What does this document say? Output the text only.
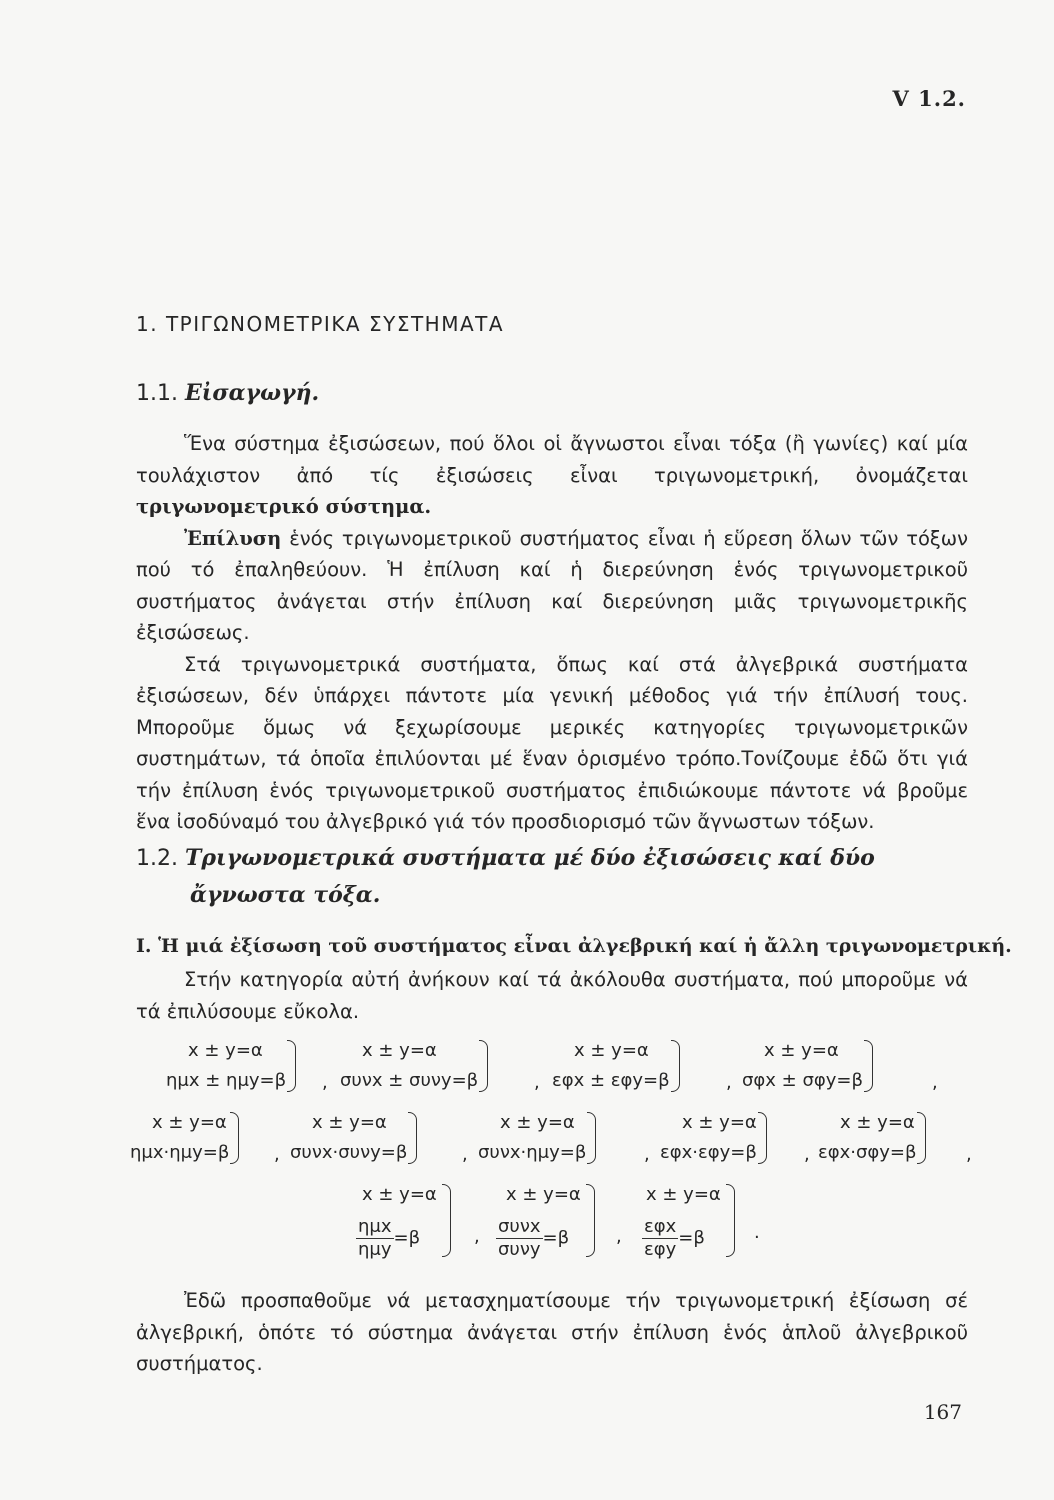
V 1.2.
1. ΤΡΙΓΩΝΟΜΕΤΡΙΚΑ ΣΥΣΤΗΜΑΤΑ
1.1. Εἰσαγωγή.

Ἕνα σύστημα ἐξισώσεων, πού ὅλοι οἱ ἄγνωστοι εἶναι τόξα (ἢ γωνίες) καί μία τουλάχιστον ἀπό τίς ἐξισώσεις εἶναι τριγωνομετρική, ὀνομάζεται τριγωνομετρικό σύστημα.

Ἐπίλυση ἑνός τριγωνομετρικοῦ συστήματος εἶναι ἡ εὕρεση ὅλων τῶν τόξων πού τό ἐπαληθεύουν. Ἡ ἐπίλυση καί ἡ διερεύνηση ἑνός τριγωνομετρικοῦ συστήματος ἀνάγεται στήν ἐπίλυση καί διερεύνηση μιᾶς τριγωνομετρικῆς ἐξισώσεως.

Στά τριγωνομετρικά συστήματα, ὅπως καί στά ἀλγεβρικά συστήματα ἐξισώσεων, δέν ὑπάρχει πάντοτε μία γενική μέθοδος γιά τήν ἐπίλυσή τους. Μποροῦμε ὅμως νά ξεχωρίσουμε μερικές κατηγορίες τριγωνομετρικῶν συστημάτων, τά ὁποῖα ἐπιλύονται μέ ἕναν ὁρισμένο τρόπο.Τονίζουμε ἐδῶ ὅτι γιά τήν ἐπίλυση ἑνός τριγωνομετρικοῦ συστήματος ἐπιδιώκουμε πάντοτε νά βροῦμε ἕνα ἰσοδύναμό του ἀλγεβρικό γιά τόν προσδιορισμό τῶν ἄγνωστων τόξων.

1.2. Τριγωνομετρικά συστήματα μέ δύο ἐξισώσεις καί δύο
ἄγνωστα τόξα.
Ι. Ἡ μιά ἐξίσωση τοῦ συστήματος εἶναι ἀλγεβρική καί ἡ ἄλλη τριγωνομετρική.

Στήν κατηγορία αὐτή ἀνήκουν καί τά ἀκόλουθα συστήματα, πού μποροῦμε νά τά ἐπιλύσουμε εὔκολα.

x ± y=α
ημx ± ημy=β ,
x ± y=α
συνx ± συνy=β	,
x ± y=α
εφx ± εφy=β	,
x ± y=α
σφx ± σφy=β	,
x ± y=α
ημx·ημy=β ,
x ± y=α
συνx·συνy=β	,
x ± y=α
συνx·ημy=β	,
x ± y=α
εφx·εφy=β	,
x ± y=α
εφx·σφy=β	,
x ± y=α
$\frac{\text{ημx}}{\text{ημy}} =\beta$	,
x ± y=α
$\frac{\text{συνx}}{\text{συνy}} =\beta$	,
x ± y=α
$\frac{\text{εφx}}{\text{εφy}} =\beta$	.

Ἐδῶ προσπαθοῦμε νά μετασχηματίσουμε τήν τριγωνομετρική ἐξίσωση σέ ἀλγεβρική, ὁπότε τό σύστημα ἀνάγεται στήν ἐπίλυση ἑνός ἁπλοῦ ἀλγεβρικοῦ συστήματος.

167
